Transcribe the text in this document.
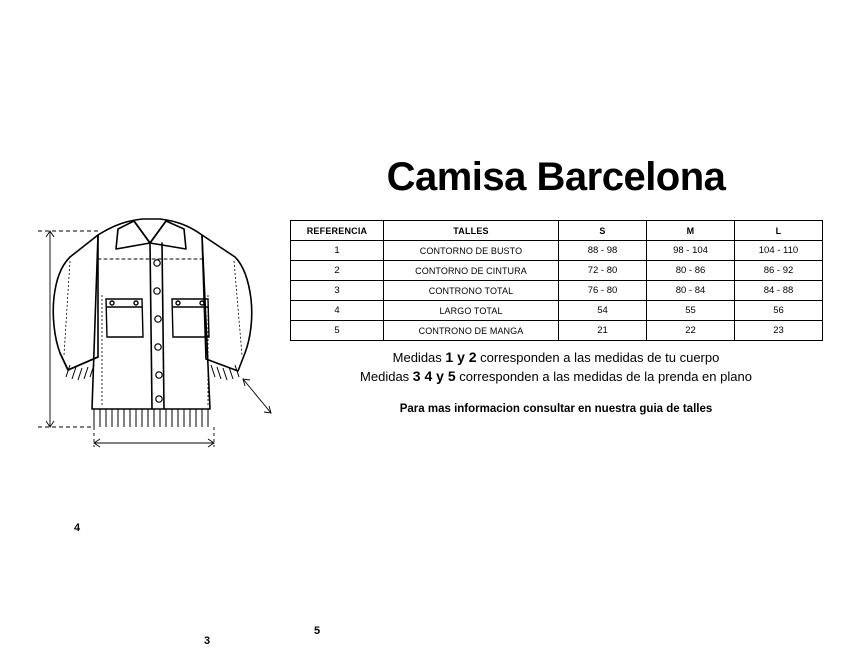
4
3
5
Camisa Barcelona
REFERENCIA	TALLES	S	M	L
1	CONTORNO DE BUSTO	88 - 98	98 - 104	104 - 110
2	CONTORNO DE CINTURA	72 - 80	80 - 86	86 - 92
3	CONTRONO TOTAL	76 - 80	80 - 84	84 - 88
4	LARGO TOTAL	54	55	56
5	CONTRONO DE MANGA	21	22	23
Medidas 1 y 2 corresponden a las medidas de tu cuerpo
Medidas 3 4 y 5 corresponden a las medidas de la prenda en plano
Para mas informacion consultar en nuestra guia de talles
